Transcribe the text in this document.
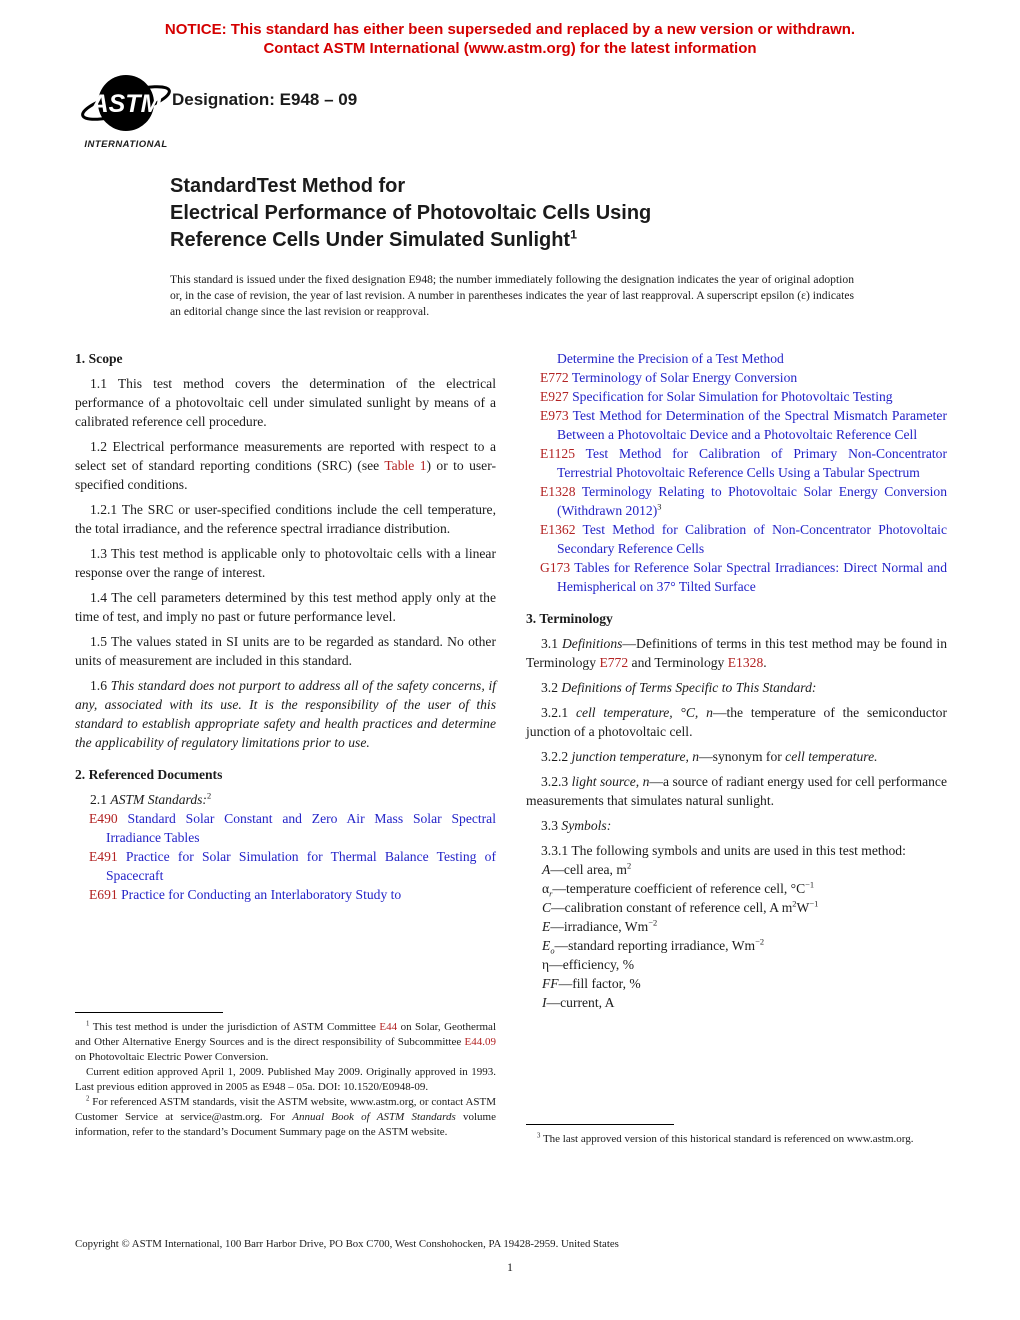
NOTICE: This standard has either been superseded and replaced by a new version or withdrawn.
Contact ASTM International (www.astm.org) for the latest information
ASTM
INTERNATIONAL
Designation: E948 – 09
StandardTest Method for
Electrical Performance of Photovoltaic Cells Using
Reference Cells Under Simulated Sunlight$^1$

This standard is issued under the fixed designation E948; the number immediately following the designation indicates the year of original adoption or, in the case of revision, the year of last revision. A number in parentheses indicates the year of last reapproval. A superscript epsilon (ε) indicates an editorial change since the last revision or reapproval.

1. Scope

1.1 This test method covers the determination of the electrical performance of a photovoltaic cell under simulated sunlight by means of a calibrated reference cell procedure.

1.2 Electrical performance measurements are reported with respect to a select set of standard reporting conditions (SRC) (see Table 1) or to user-specified conditions.

1.2.1 The SRC or user-specified conditions include the cell temperature, the total irradiance, and the reference spectral irradiance distribution.

1.3 This test method is applicable only to photovoltaic cells with a linear response over the range of interest.

1.4 The cell parameters determined by this test method apply only at the time of test, and imply no past or future performance level.

1.5 The values stated in SI units are to be regarded as standard. No other units of measurement are included in this standard.

1.6 This standard does not purport to address all of the safety concerns, if any, associated with its use. It is the responsibility of the user of this standard to establish appropriate safety and health practices and determine the applicability of regulatory limitations prior to use.

2. Referenced Documents

2.1 ASTM Standards:$^2$

E490 Standard Solar Constant and Zero Air Mass Solar Spectral Irradiance Tables

E491 Practice for Solar Simulation for Thermal Balance Testing of Spacecraft

E691 Practice for Conducting an Interlaboratory Study to

Determine the Precision of a Test Method

E772 Terminology of Solar Energy Conversion

E927 Specification for Solar Simulation for Photovoltaic Testing

E973 Test Method for Determination of the Spectral Mismatch Parameter Between a Photovoltaic Device and a Photovoltaic Reference Cell

E1125 Test Method for Calibration of Primary Non-Concentrator Terrestrial Photovoltaic Reference Cells Using a Tabular Spectrum

E1328 Terminology Relating to Photovoltaic Solar Energy Conversion (Withdrawn 2012)$^3$

E1362 Test Method for Calibration of Non-Concentrator Photovoltaic Secondary Reference Cells

G173 Tables for Reference Solar Spectral Irradiances: Direct Normal and Hemispherical on 37° Tilted Surface

3. Terminology

3.1 Definitions—Definitions of terms in this test method may be found in Terminology E772 and Terminology E1328.

3.2 Definitions of Terms Specific to This Standard:

3.2.1 cell temperature, °C, n—the temperature of the semiconductor junction of a photovoltaic cell.

3.2.2 junction temperature, n—synonym for cell temperature.

3.2.3 light source, n—a source of radiant energy used for cell performance measurements that simulates natural sunlight.

3.3 Symbols:

3.3.1 The following symbols and units are used in this test method:

A—cell area, $m^2$

$\alpha_r—temperature$ coefficient of reference cell, $^\circ C^{-1}$

C—calibration constant of reference cell, A $m^2W^{-1}$

E—irradiance, $Wm^{-2}$

$E_o—standard$ reporting irradiance, $Wm^{-2}$

η—efficiency, %

FF—fill factor, %

I—current, A

$^1$ This test method is under the jurisdiction of ASTM Committee E44 on Solar, Geothermal and Other Alternative Energy Sources and is the direct responsibility of Subcommittee E44.09 on Photovoltaic Electric Power Conversion.

Current edition approved April 1, 2009. Published May 2009. Originally approved in 1993. Last previous edition approved in 2005 as E948 – 05a. DOI: 10.1520/E0948-09.

$^2$ For referenced ASTM standards, visit the ASTM website, www.astm.org, or contact ASTM Customer Service at service@astm.org. For Annual Book of ASTM Standards volume information, refer to the standard’s Document Summary page on the ASTM website.	$^3$ The last approved version of this historical standard is referenced on www.astm.org.

Copyright © ASTM International, 100 Barr Harbor Drive, PO Box C700, West Conshohocken, PA 19428-2959. United States
1
